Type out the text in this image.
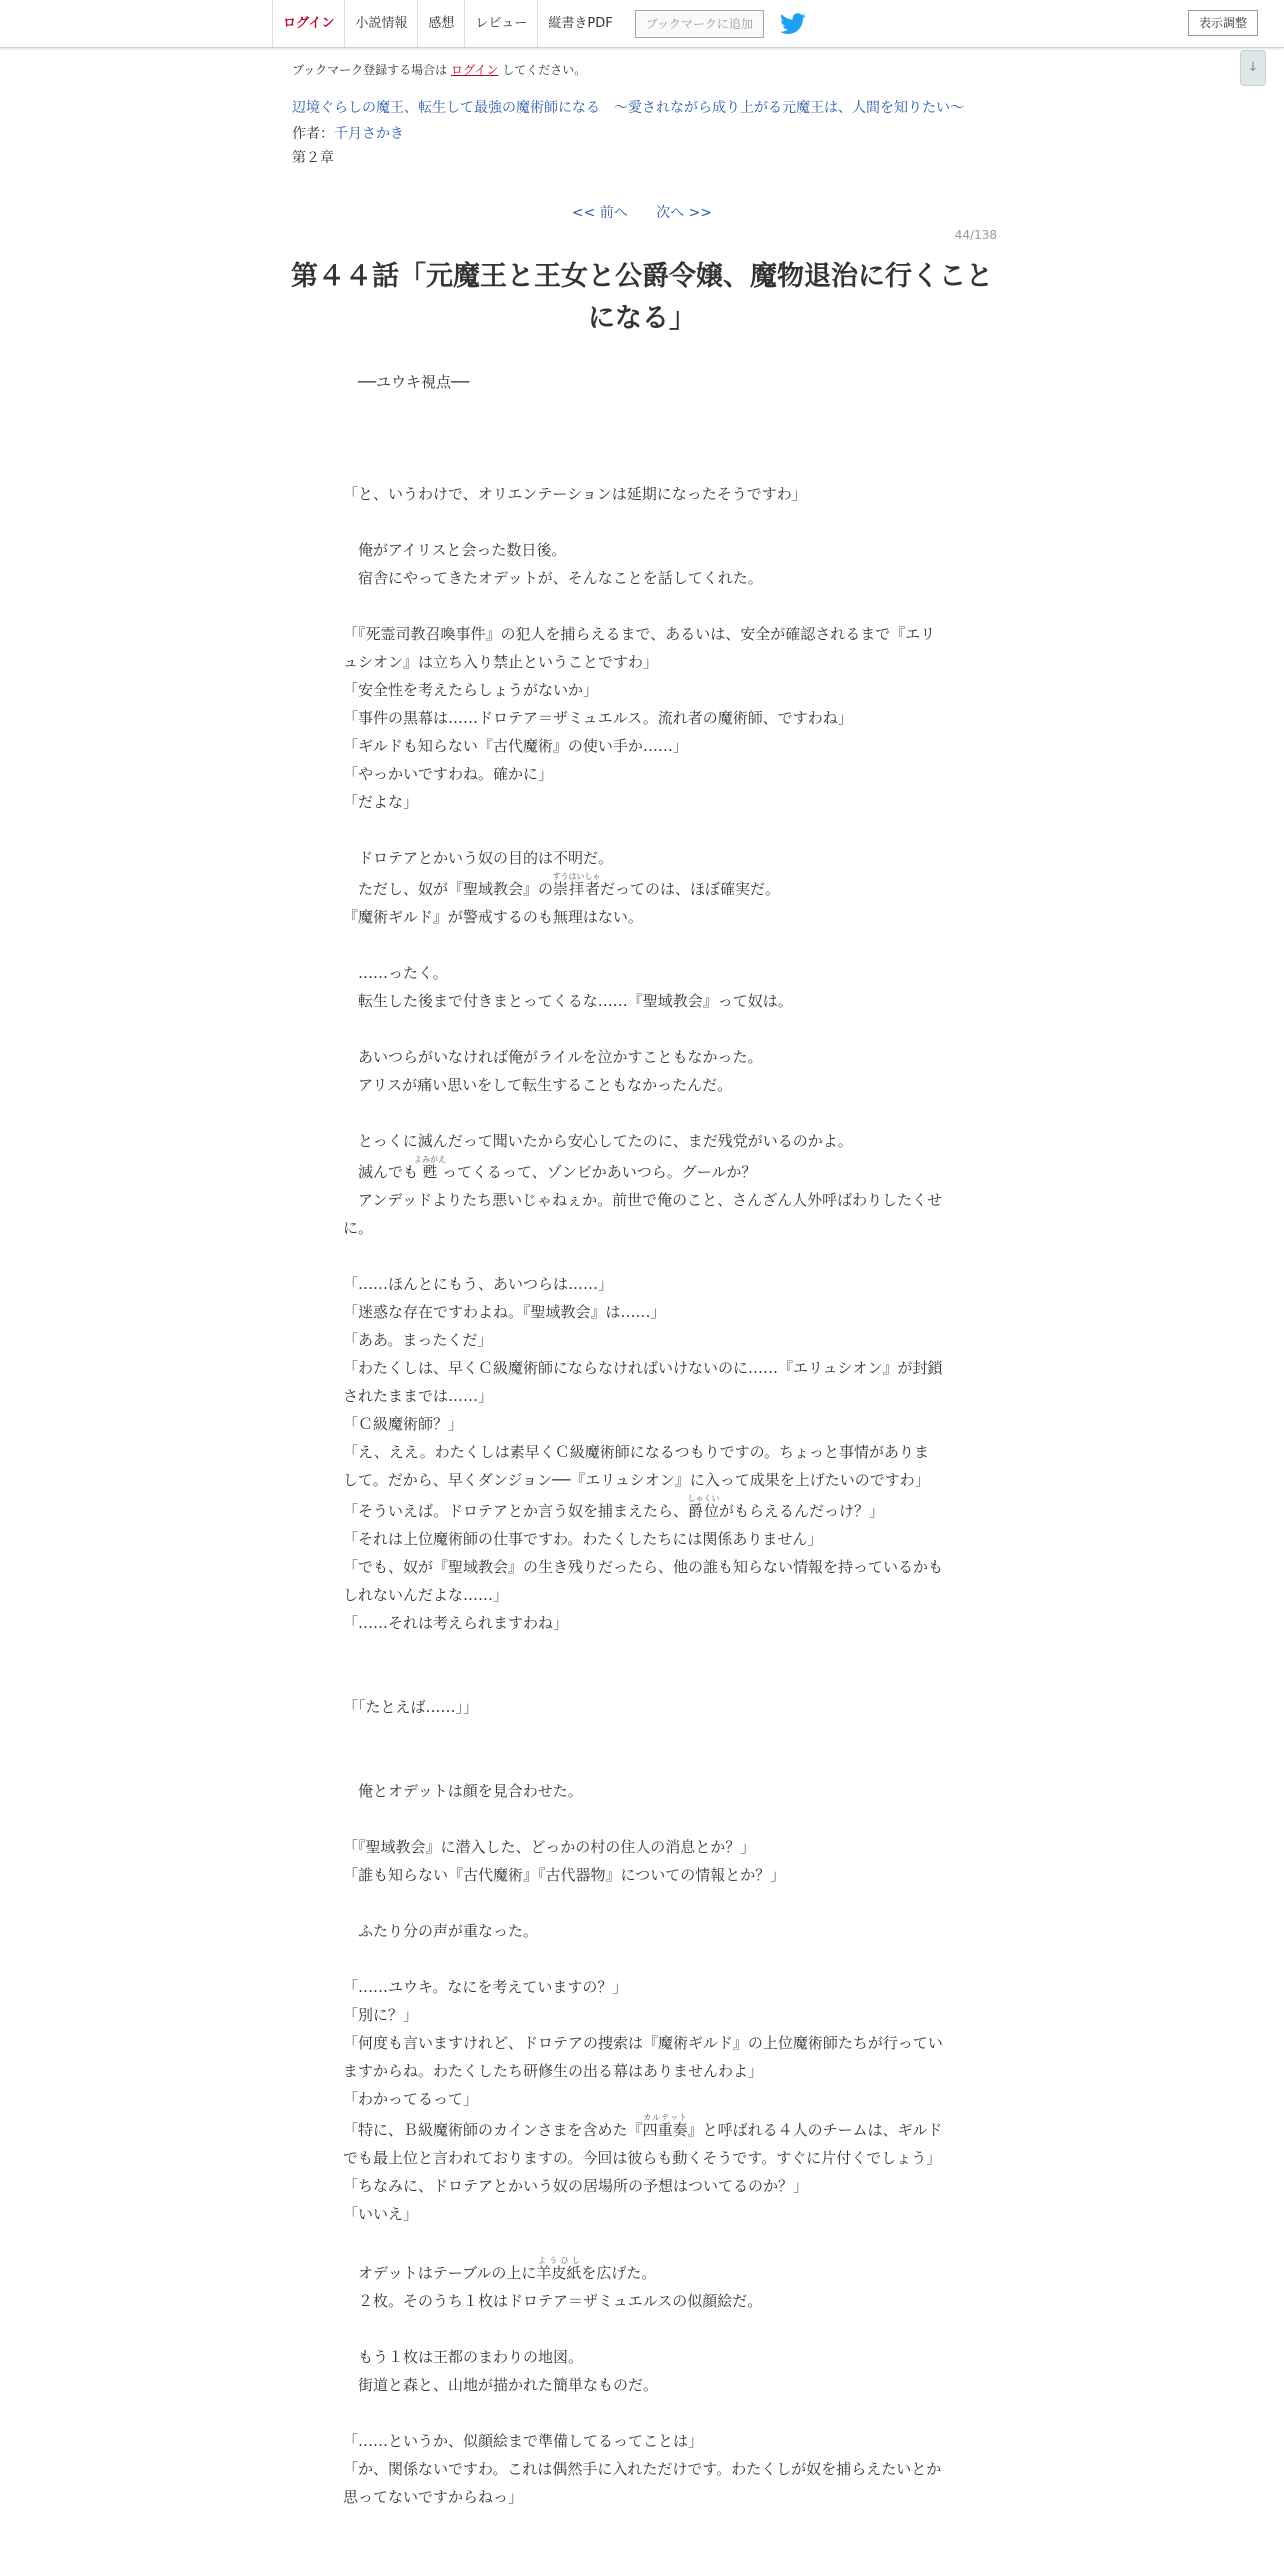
ログイン	小説情報	感想	レビュー	縦書きPDF	ブックマークに追加	表示調整
↓
ブックマーク登録する場合は ログイン してください。
辺境ぐらしの魔王、転生して最強の魔術師になる　〜愛されながら成り上がる元魔王は、人間を知りたい〜
作者：千月さかき
第２章
<< 前へ 次へ >>
44/138
第４４話「元魔王と王女と公爵令嬢、魔物退治に行くことになる」

　──ユウキ視点──

「と、いうわけで、オリエンテーションは延期になったそうですわ」

　俺がアイリスと会った数日後。

　宿舎にやってきたオデットが、そんなことを話してくれた。

「『死霊司教召喚事件』の犯人を捕らえるまで、あるいは、安全が確認されるまで『エリュシオン』は立ち入り禁止ということですわ」

「安全性を考えたらしょうがないか」

「事件の黒幕は……ドロテア＝ザミュエルス。流れ者の魔術師、ですわね」

「ギルドも知らない『古代魔術』の使い手か……」

「やっかいですわね。確かに」

「だよな」

　ドロテアとかいう奴の目的は不明だ。

　ただし、奴が『聖域教会』の崇拝者すうはいしゃだってのは、ほぼ確実だ。

『魔術ギルド』が警戒するのも無理はない。

　……ったく。

　転生した後まで付きまとってくるな……『聖域教会』って奴は。

　あいつらがいなければ俺がライルを泣かすこともなかった。

　アリスが痛い思いをして転生することもなかったんだ。

　とっくに滅んだって聞いたから安心してたのに、まだ残党がいるのかよ。

　滅んでも甦よみがえってくるって、ゾンビかあいつら。グールか？

　アンデッドよりたち悪いじゃねぇか。前世で俺のこと、さんざん人外呼ばわりしたくせに。

「……ほんとにもう、あいつらは……」

「迷惑な存在ですわよね。『聖域教会』は……」

「ああ。まったくだ」

「わたくしは、早くＣ級魔術師にならなければいけないのに……『エリュシオン』が封鎖されたままでは……」

「Ｃ級魔術師？」

「え、ええ。わたくしは素早くＣ級魔術師になるつもりですの。ちょっと事情がありまして。だから、早くダンジョン──『エリュシオン』に入って成果を上げたいのですわ」

「そういえば。ドロテアとか言う奴を捕まえたら、爵位しゃくいがもらえるんだっけ？」

「それは上位魔術師の仕事ですわ。わたくしたちには関係ありません」

「でも、奴が『聖域教会』の生き残りだったら、他の誰も知らない情報を持っているかもしれないんだよな……」

「……それは考えられますわね」

「「たとえば……」」

　俺とオデットは顔を見合わせた。

「『聖域教会』に潜入した、どっかの村の住人の消息とか？」

「誰も知らない『古代魔術』『古代器物』についての情報とか？」

　ふたり分の声が重なった。

「……ユウキ。なにを考えていますの？」

「別に？」

「何度も言いますけれど、ドロテアの捜索は『魔術ギルド』の上位魔術師たちが行っていますからね。わたくしたち研修生の出る幕はありませんわよ」

「わかってるって」

「特に、Ｂ級魔術師のカインさまを含めた『四重奏カルテット』と呼ばれる４人のチームは、ギルドでも最上位と言われておりますの。今回は彼らも動くそうです。すぐに片付くでしょう」

「ちなみに、ドロテアとかいう奴の居場所の予想はついてるのか？」

「いいえ」

　オデットはテーブルの上に羊皮紙ようひしを広げた。

　２枚。そのうち１枚はドロテア＝ザミュエルスの似顔絵だ。

　もう１枚は王都のまわりの地図。

　街道と森と、山地が描かれた簡単なものだ。

「……というか、似顔絵まで準備してるってことは」

「か、関係ないですわ。これは偶然手に入れただけです。わたくしが奴を捕らえたいとか思ってないですからねっ」
